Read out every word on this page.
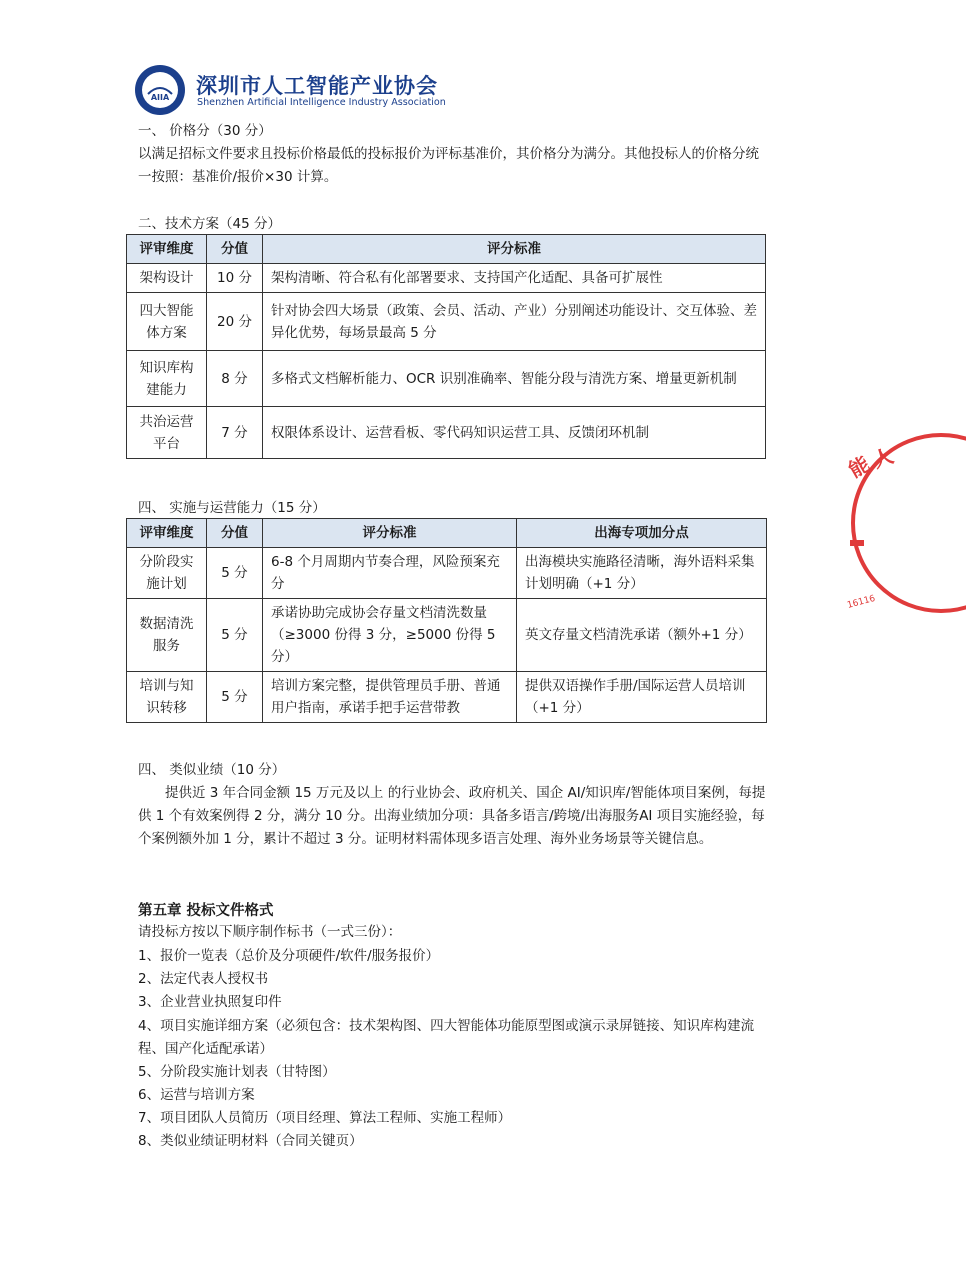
AIIA 深圳市人工智能产业协会
Shenzhen Artificial Intelligence Industry Association
一、 价格分（30 分）
以满足招标文件要求且投标价格最低的投标报价为评标基准价，其价格分为满分。其他投标人的价格分统一按照：基准价/报价×30 计算。
二、技术方案（45 分）
评审维度	分值	评分标准
架构设计	10 分	架构清晰、符合私有化部署要求、支持国产化适配、具备可扩展性
四大智能体方案	20 分	针对协会四大场景（政策、会员、活动、产业）分别阐述功能设计、交互体验、差异化优势，每场景最高 5 分
知识库构建能力	8 分	多格式文档解析能力、OCR 识别准确率、智能分段与清洗方案、增量更新机制
共治运营平台	7 分	权限体系设计、运营看板、零代码知识运营工具、反馈闭环机制
四、 实施与运营能力（15 分）
评审维度	分值	评分标准	出海专项加分点
分阶段实施计划	5 分	6-8 个月周期内节奏合理，风险预案充分	出海模块实施路径清晰，海外语料采集计划明确（+1 分）
数据清洗服务	5 分	承诺协助完成协会存量文档清洗数量（≥3000 份得 3 分，≥5000 份得 5 分）	英文存量文档清洗承诺（额外+1 分）
培训与知识转移	5 分	培训方案完整，提供管理员手册、普通用户指南，承诺手把手运营带教	提供双语操作手册/国际运营人员培训（+1 分）
四、 类似业绩（10 分）
提供近 3 年合同金额 15 万元及以上 的行业协会、政府机关、国企 AI/知识库/智能体项目案例，每提供 1 个有效案例得 2 分，满分 10 分。出海业绩加分项：具备多语言/跨境/出海服务AI 项目实施经验，每个案例额外加 1 分，累计不超过 3 分。证明材料需体现多语言处理、海外业务场景等关键信息。
第五章 投标文件格式
请投标方按以下顺序制作标书（一式三份）：
1、报价一览表（总价及分项硬件/软件/服务报价）
2、法定代表人授权书
3、企业营业执照复印件
4、项目实施详细方案（必须包含：技术架构图、四大智能体功能原型图或演示录屏链接、知识库构建流程、国产化适配承诺）
5、分阶段实施计划表（甘特图）
6、运营与培训方案
7、项目团队人员简历（项目经理、算法工程师、实施工程师）
8、类似业绩证明材料（合同关键页）
能
人
16116
